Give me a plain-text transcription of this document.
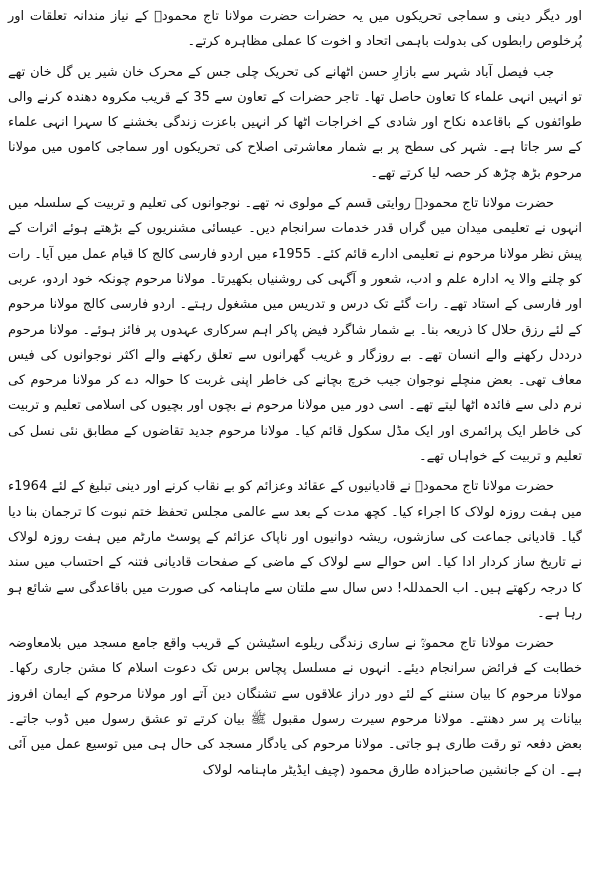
اور دیگر دینی و سماجی تحریکوں میں یہ حضرات حضرت مولانا تاج محمودؒ کے نیاز مندانہ تعلقات اور پُرخلوص رابطوں کی بدولت باہمی اتحاد و اخوت کا عملی مظاہرہ کرتے۔

جب فیصل آباد شہر سے بازارِ حسن اٹھانے کی تحریک چلی جس کے محرک خان شیر یں گل خان تھے تو انہیں انہی علماء کا تعاون حاصل تھا۔ تاجر حضرات کے تعاون سے 35 کے قریب مکروہ دھندہ کرنے والی طوائفوں کے باقاعدہ نکاح اور شادی کے اخراجات اٹھا کر انہیں باعزت زندگی بخشنے کا سہرا انہی علماء کے سر جاتا ہے۔ شہر کی سطح پر بے شمار معاشرتی اصلاح کی تحریکوں اور سماجی کاموں میں مولانا مرحوم بڑھ چڑھ کر حصہ لیا کرتے تھے۔

حضرت مولانا تاج محمودؒ روایتی قسم کے مولوی نہ تھے۔ نوجوانوں کی تعلیم و تربیت کے سلسلہ میں انہوں نے تعلیمی میدان میں گراں قدر خدمات سرانجام دیں۔ عیسائی مشنریوں کے بڑھتے ہوئے اثرات کے پیش نظر مولانا مرحوم نے تعلیمی ادارے قائم کئے۔ 1955ء میں اردو فارسی کالج کا قیام عمل میں آیا۔ رات کو چلنے والا یہ ادارہ علم و ادب، شعور و آگہی کی روشنیاں بکھیرتا۔ مولانا مرحوم چونکہ خود اردو، عربی اور فارسی کے استاد تھے۔ رات گئے تک درس و تدریس میں مشغول رہتے۔ اردو فارسی کالج مولانا مرحوم کے لئے رزق حلال کا ذریعہ بنا۔ بے شمار شاگرد فیض پاکر اہم سرکاری عہدوں پر فائز ہوئے۔ مولانا مرحوم درددل رکھنے والے انسان تھے۔ بے روزگار و غریب گھرانوں سے تعلق رکھنے والے اکثر نوجوانوں کی فیس معاف تھی۔ بعض منچلے نوجوان جیب خرچ بچانے کی خاطر اپنی غربت کا حوالہ دے کر مولانا مرحوم کی نرم دلی سے فائدہ اٹھا لیتے تھے۔ اسی دور میں مولانا مرحوم نے بچوں اور بچیوں کی اسلامی تعلیم و تربیت کی خاطر ایک پرائمری اور ایک مڈل سکول قائم کیا۔ مولانا مرحوم جدید تقاضوں کے مطابق نئی نسل کی تعلیم و تربیت کے خواہاں تھے۔

حضرت مولانا تاج محمودؒ نے قادیانیوں کے عقائد وعزائم کو بے نقاب کرنے اور دینی تبلیغ کے لئے 1964ء میں ہفت روزہ لولاک کا اجراء کیا۔ کچھ مدت کے بعد سے عالمی مجلس تحفظ ختم نبوت کا ترجمان بنا دیا گیا۔ قادیانی جماعت کی سازشوں، ریشہ دوانیوں اور ناپاک عزائم کے پوسٹ مارٹم میں ہفت روزہ لولاک نے تاریخ ساز کردار ادا کیا۔ اس حوالے سے لولاک کے ماضی کے صفحات قادیانی فتنہ کے احتساب میں سند کا درجہ رکھتے ہیں۔ اب الحمدللہ! دس سال سے ملتان سے ماہنامہ کی صورت میں باقاعدگی سے شائع ہو رہا ہے۔

حضرت مولانا تاج محمودؒ نے ساری زندگی ریلوے اسٹیشن کے قریب واقع جامع مسجد میں بلامعاوضہ خطابت کے فرائض سرانجام دیئے۔ انہوں نے مسلسل پچاس برس تک دعوت اسلام کا مشن جاری رکھا۔ مولانا مرحوم کا بیان سننے کے لئے دور دراز علاقوں سے تشنگان دین آتے اور مولانا مرحوم کے ایمان افروز بیانات پر سر دھنتے۔ مولانا مرحوم سیرت رسول مقبول ﷺ بیان کرتے تو عشق رسول میں ڈوب جاتے۔ بعض دفعہ تو رقت طاری ہو جاتی۔ مولانا مرحوم کی یادگار مسجد کی حال ہی میں توسیع عمل میں آئی ہے۔ ان کے جانشین صاحبزادہ طارق محمود (چیف ایڈیٹر ماہنامہ لولاک
